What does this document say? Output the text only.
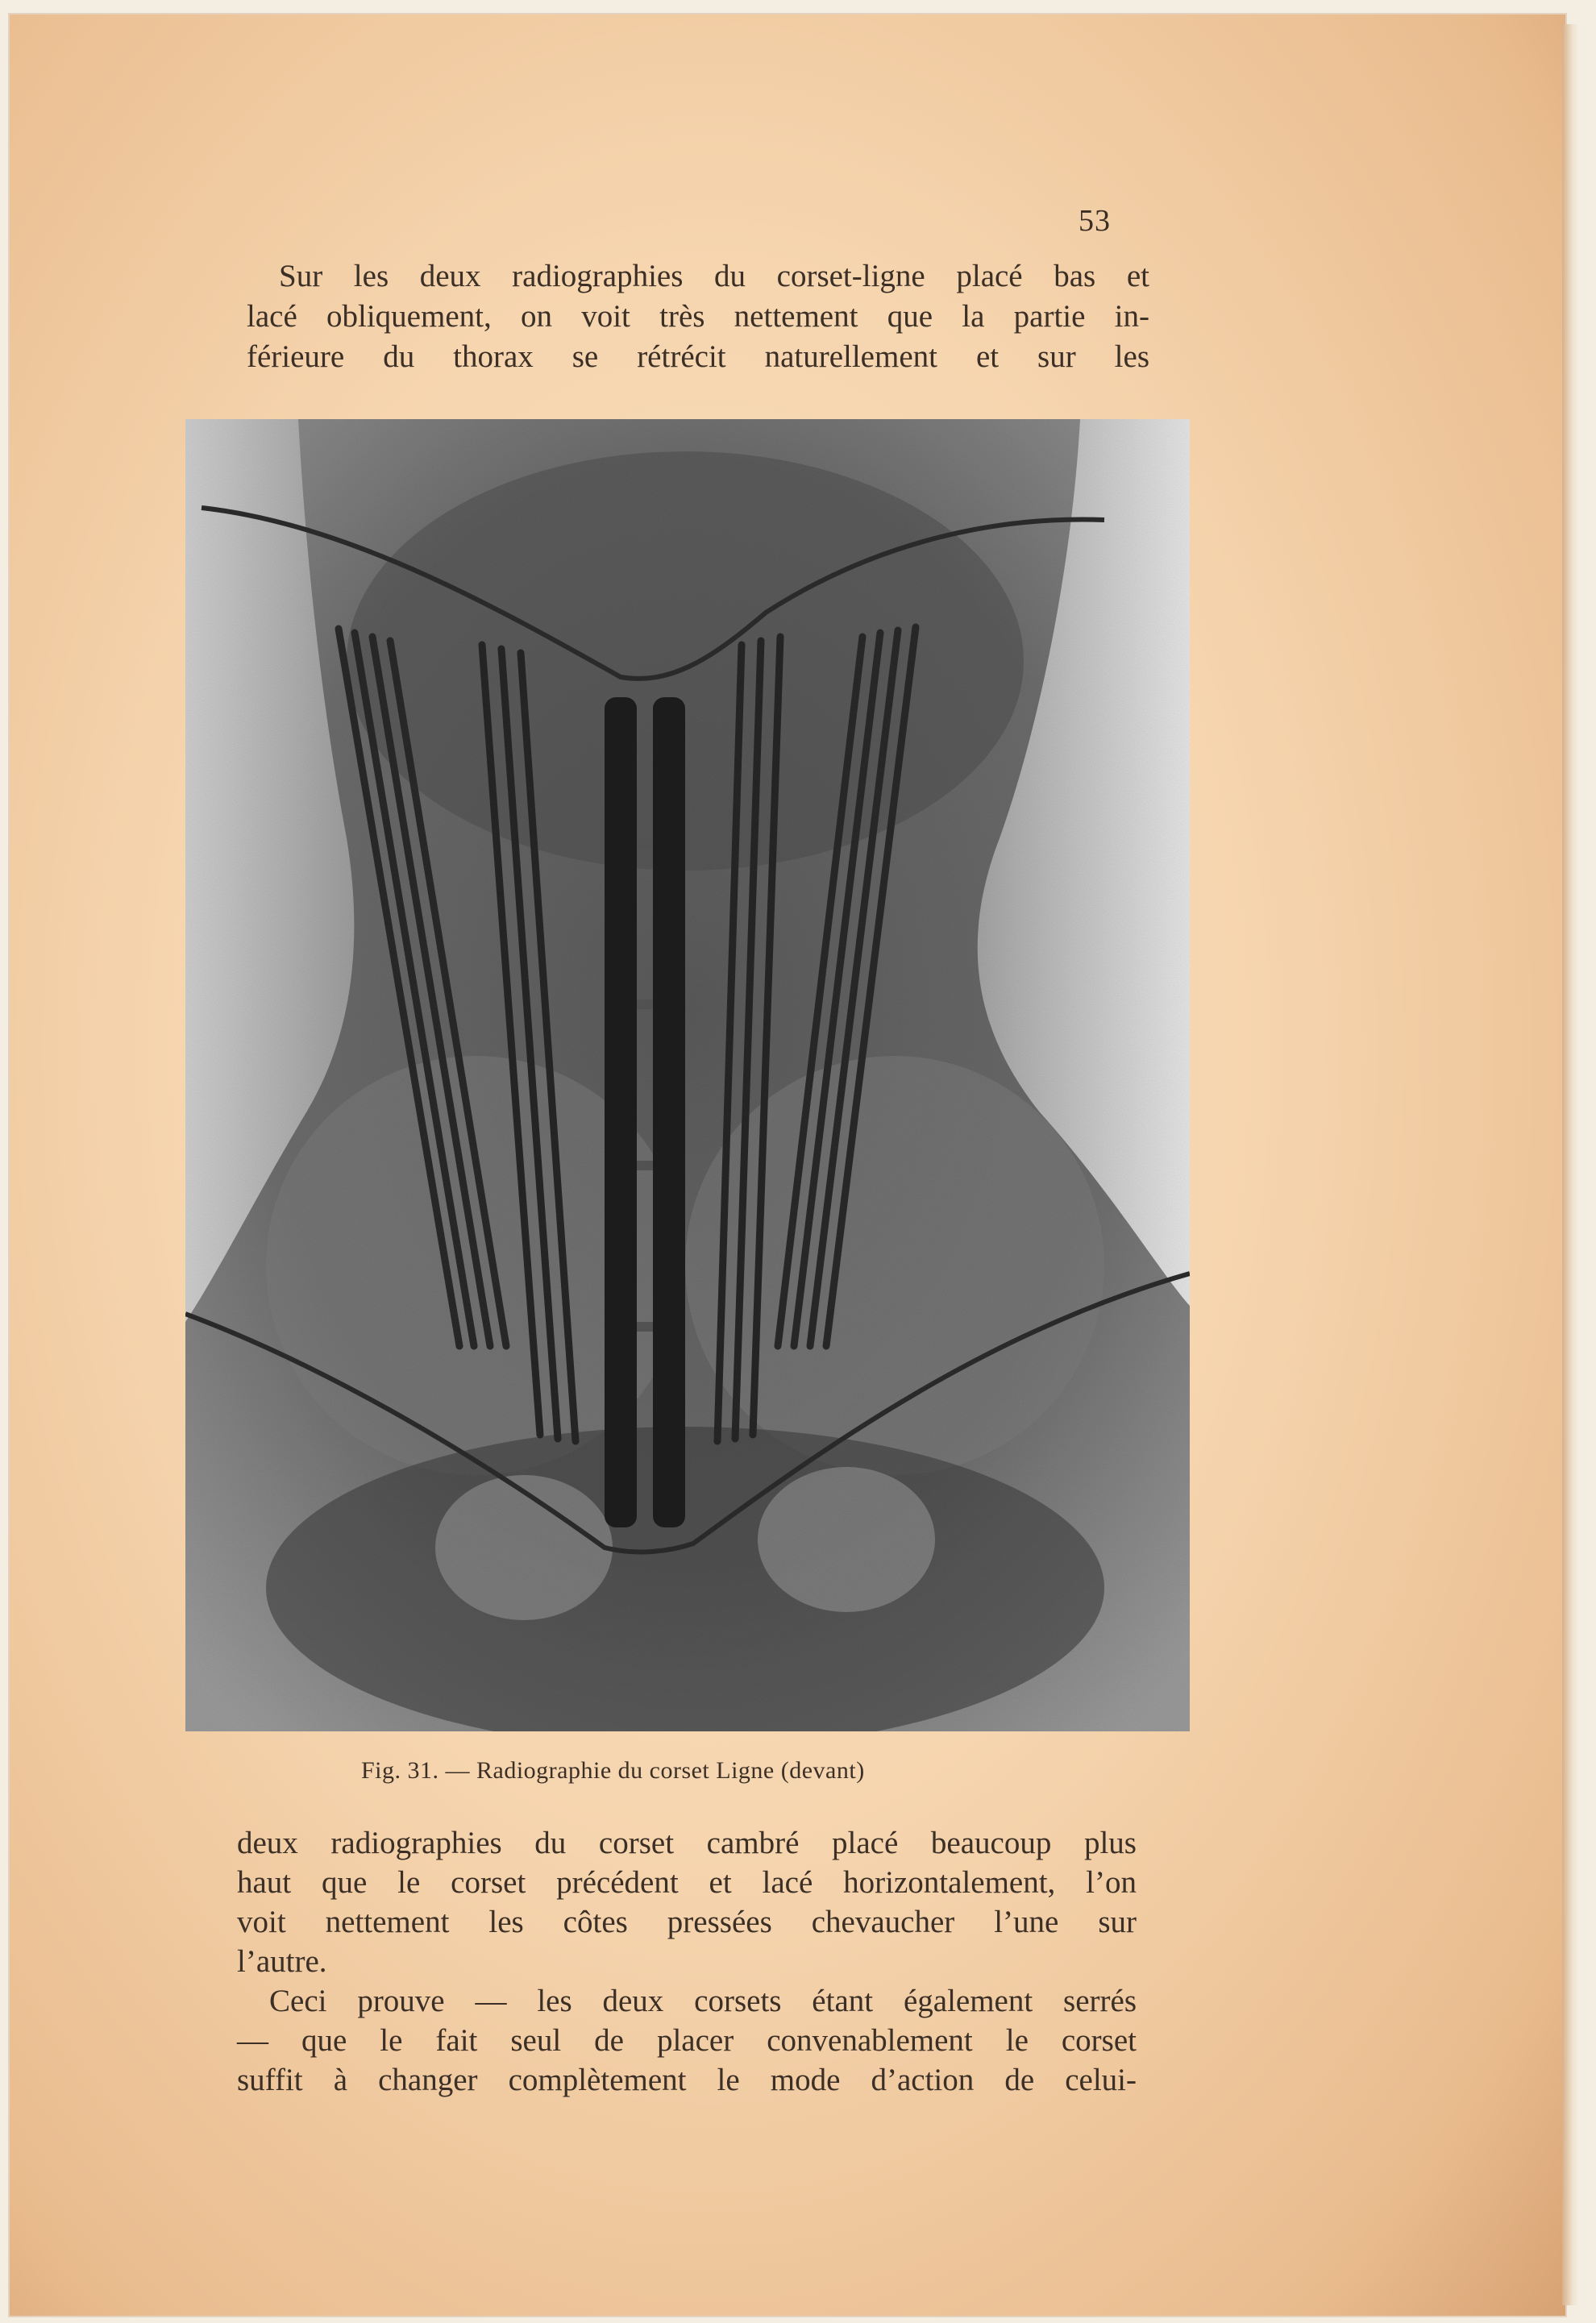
53
Sur les deux radiographies du corset-ligne placé bas et
lacé obliquement, on voit très nettement que la partie in-
férieure du thorax se rétrécit naturellement et sur les
Fig. 31. — Radiographie du corset Ligne (devant)
deux radiographies du corset cambré placé beaucoup plus
haut que le corset précédent et lacé horizontalement, l’on
voit nettement les côtes pressées chevaucher l’une sur
l’autre.
Ceci prouve — les deux corsets étant également serrés
— que le fait seul de placer convenablement le corset
suffit à changer complètement le mode d’action de celui-
